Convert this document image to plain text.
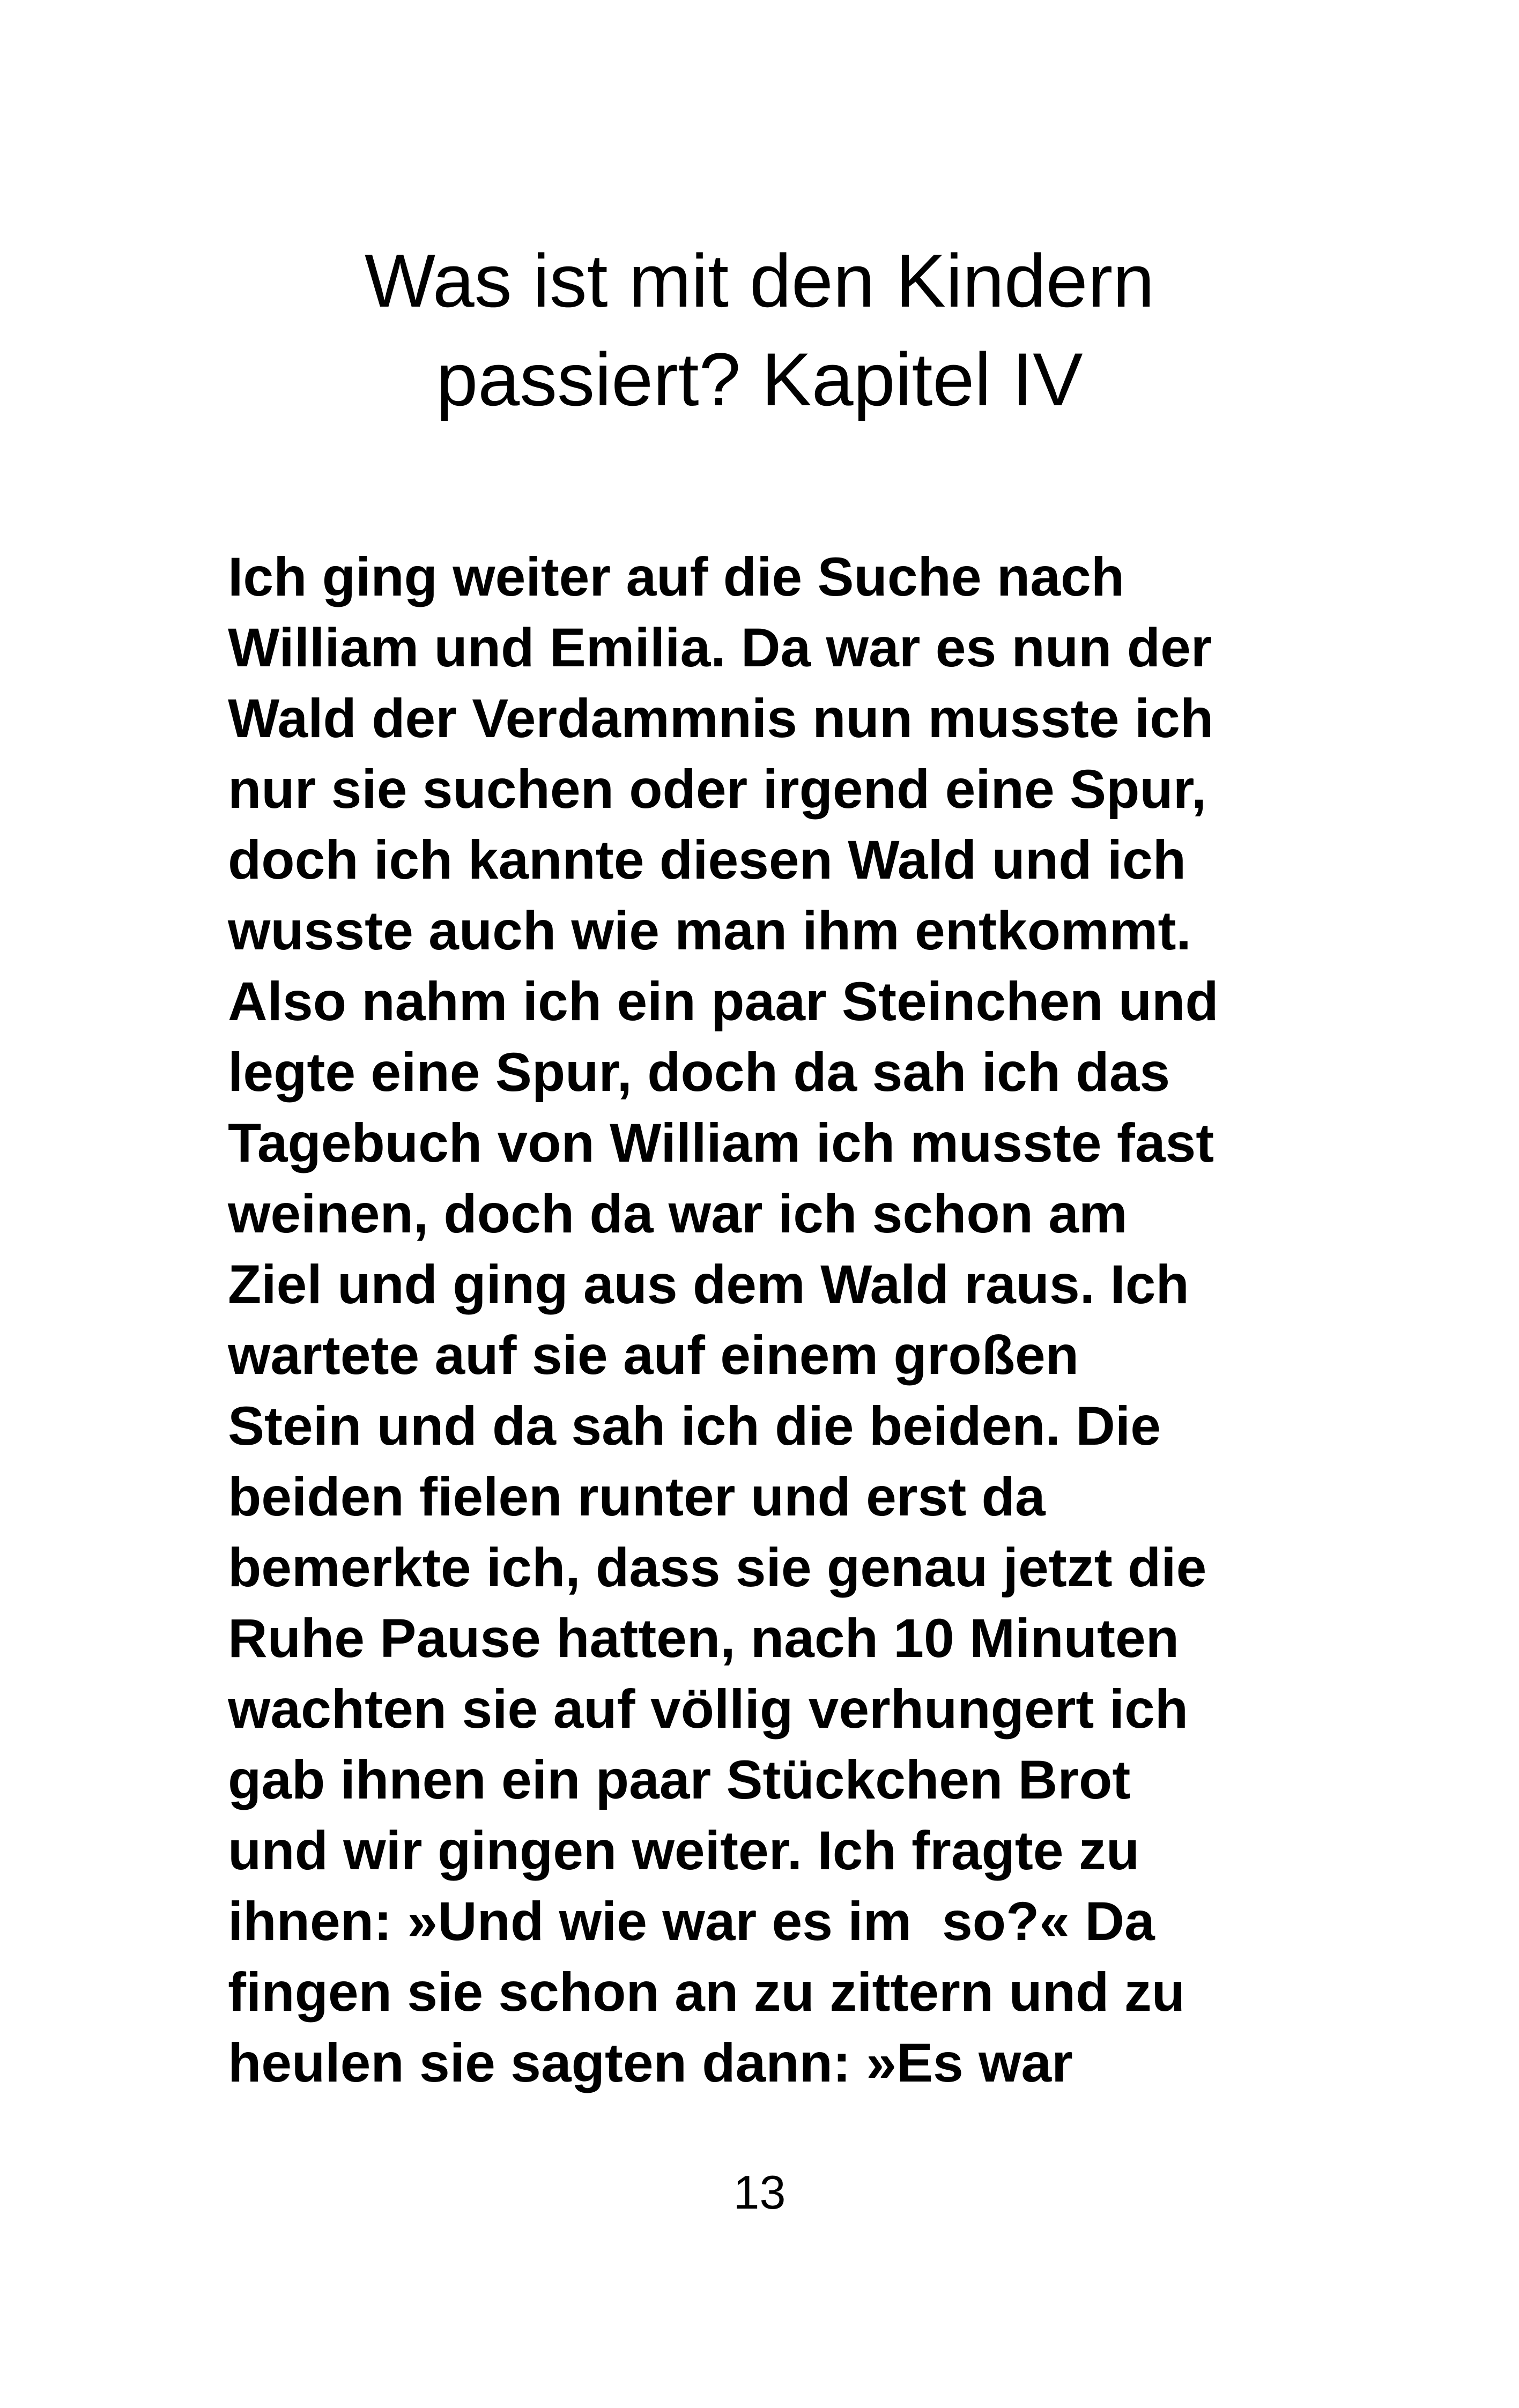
Was ist mit den Kindern
passiert? Kapitel IV
Ich ging weiter auf die Suche nach
William und Emilia. Da war es nun der
Wald der Verdammnis nun musste ich
nur sie suchen oder irgend eine Spur,
doch ich kannte diesen Wald und ich
wusste auch wie man ihm entkommt.
Also nahm ich ein paar Steinchen und
legte eine Spur, doch da sah ich das
Tagebuch von William ich musste fast
weinen, doch da war ich schon am
Ziel und ging aus dem Wald raus. Ich
wartete auf sie auf einem großen
Stein und da sah ich die beiden. Die
beiden fielen runter und erst da
bemerkte ich, dass sie genau jetzt die
Ruhe Pause hatten, nach 10 Minuten
wachten sie auf völlig verhungert ich
gab ihnen ein paar Stückchen Brot
und wir gingen weiter. Ich fragte zu
ihnen: »Und wie war es im  so?« Da
fingen sie schon an zu zittern und zu
heulen sie sagten dann: »Es war
13
